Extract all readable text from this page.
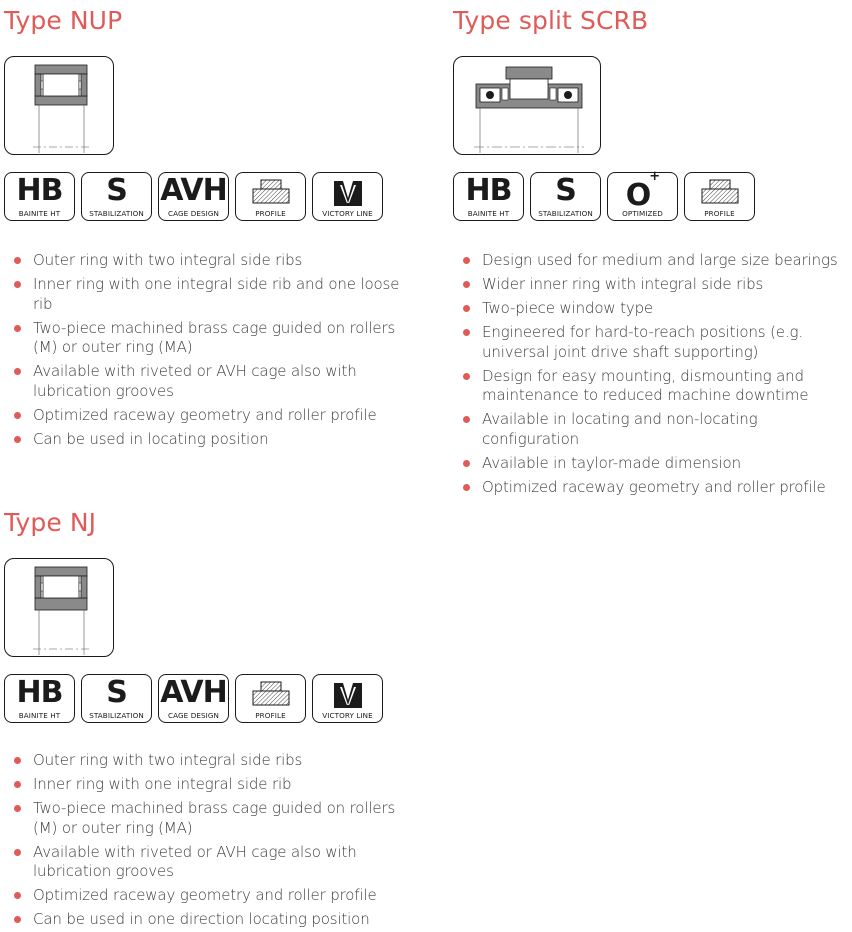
Type NUP
HB
BAINITE HT
S
STABILIZATION
AVH
CAGE DESIGN	PROFILE	VICTORY LINE
Outer ring with two integral side ribs
Inner ring with one integral side rib and one loose rib
Two-piece machined brass cage guided on rollers (M) or outer ring (MA)
Available with riveted or AVH cage also with lubrication grooves
Optimized raceway geometry and roller profile
Can be used in locating position
Type split SCRB
HB
BAINITE HT
S
STABILIZATION
O+
OPTIMIZED	PROFILE
Design used for medium and large size bearings
Wider inner ring with integral side ribs
Two-piece window type
Engineered for hard-to-reach positions (e.g. universal joint drive shaft supporting)
Design for easy mounting, dismounting and maintenance to reduced machine downtime
Available in locating and non-locating configuration
Available in taylor-made dimension
Optimized raceway geometry and roller profile
Type NJ
HB
BAINITE HT
S
STABILIZATION
AVH
CAGE DESIGN	PROFILE	VICTORY LINE
Outer ring with two integral side ribs
Inner ring with one integral side rib
Two-piece machined brass cage guided on rollers (M) or outer ring (MA)
Available with riveted or AVH cage also with lubrication grooves
Optimized raceway geometry and roller profile
Can be used in one direction locating position
